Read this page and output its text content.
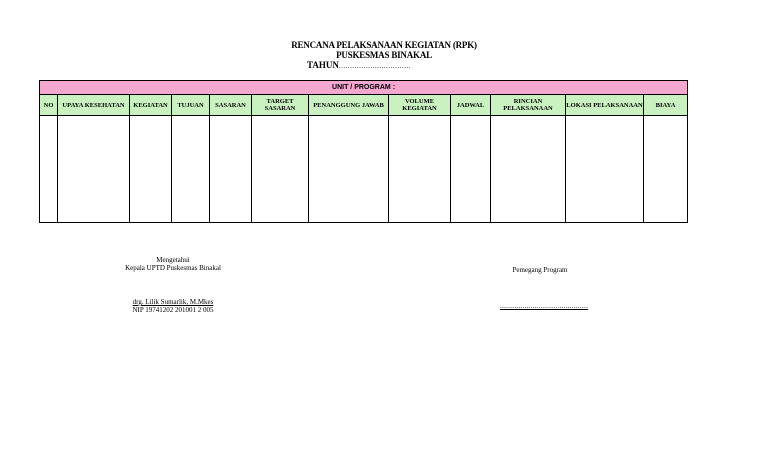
RENCANA PELAKSANAAN KEGIATAN (RPK)
PUSKESMAS BINAKAL
TAHUN................................
UNIT / PROGRAM :											
NO	UPAYA KESEHATAN	KEGIATAN	TUJUAN	SASARAN	TARGET SASARAN	PENANGGUNG JAWAB	VOLUME KEGIATAN	JADWAL	RINCIAN PELAKSANAAN	LOKASI PELAKSANAAN	BIAYA

Mengetahui
Kepala UPTD Puskesmas Binakal
drg. Lilik Sumarlik, M.Mkes
NIP 19741202 201001 2 005
Pemegang Program
...........................................
